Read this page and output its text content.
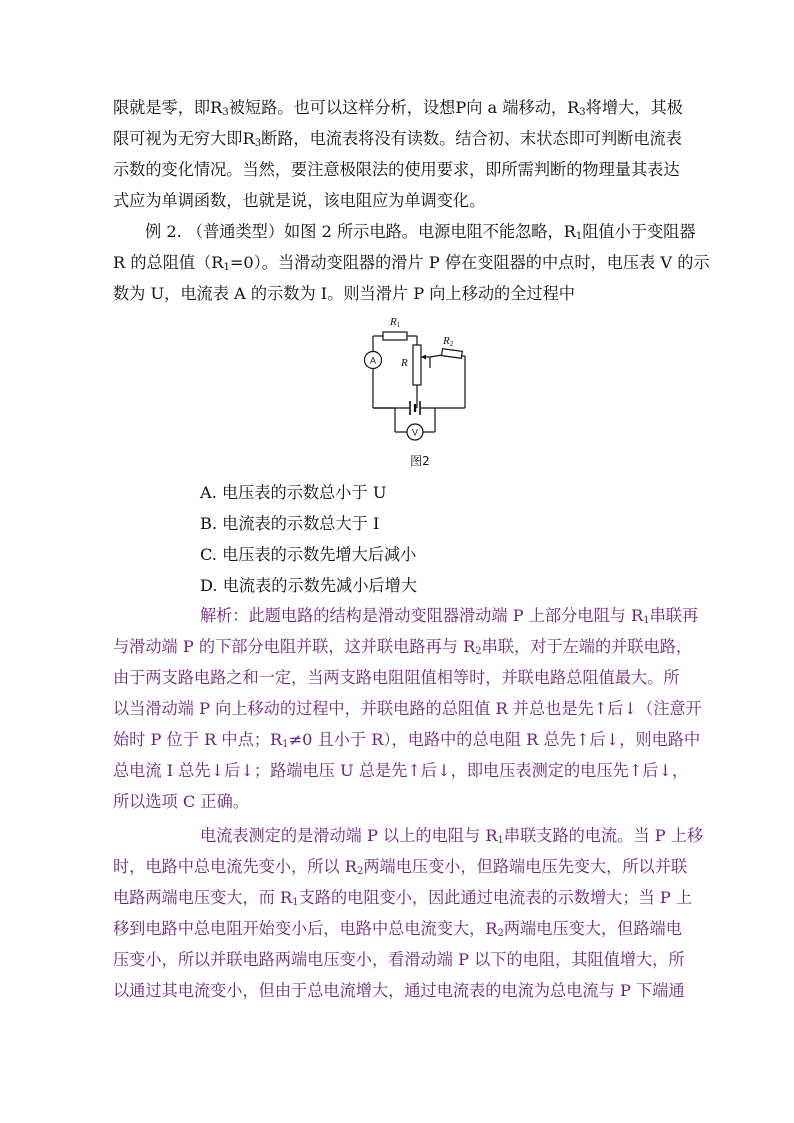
限就是零，即$R_3$被短路。也可以这样分析，设想P向 a 端移动，$R_3$将增大，其极
限可视为无穷大即$R_3$断路，电流表将没有读数。结合初、末状态即可判断电流表
示数的变化情况。当然，要注意极限法的使用要求，即所需判断的物理量其表达
式应为单调函数，也就是说，该电阻应为单调变化。
例 2. （普通类型）如图 2 所示电路。电源电阻不能忽略，$R_1$阻值小于变阻器
R 的总阻值$(R_1=0)$。当滑动变阻器的滑片 P 停在变阻器的中点时，电压表 V 的示
数为 U，电流表 A 的示数为 I。则当滑片 P 向上移动的全过程中
R1
R
R2
A
V
图2
A. 电压表的示数总小于 U
B. 电流表的示数总大于 I
C. 电压表的示数先增大后减小
D. 电流表的示数先减小后增大
解析：此题电路的结构是滑动变阻器滑动端 P 上部分电阻与 $R_1$串联再
与滑动端 P 的下部分电阻并联，这并联电路再与 $R_2$串联，对于左端的并联电路，
由于两支路电路之和一定，当两支路电阻阻值相等时，并联电路总阻值最大。所
以当滑动端 P 向上移动的过程中，并联电路的总阻值 R 并总也是先↑后↓（注意开
始时 P 位于 R 中点；$R_1\ne 0$ 且小于 R），电路中的总电阻 R 总先↑后↓，则电路中
总电流 I 总先↓后↓；路端电压 U 总是先↑后↓，即电压表测定的电压先↑后↓，
所以选项 C 正确。
电流表测定的是滑动端 P 以上的电阻与 $R_1$串联支路的电流。当 P 上移
时，电路中总电流先变小，所以 $R_2$两端电压变小，但路端电压先变大，所以并联
电路两端电压变大，而 $R_1$支路的电阻变小，因此通过电流表的示数增大；当 P 上
移到电路中总电阻开始变小后，电路中总电流变大，$R_2$两端电压变大，但路端电
压变小，所以并联电路两端电压变小，看滑动端 P 以下的电阻，其阻值增大，所
以通过其电流变小，但由于总电流增大，通过电流表的电流为总电流与 P 下端通
